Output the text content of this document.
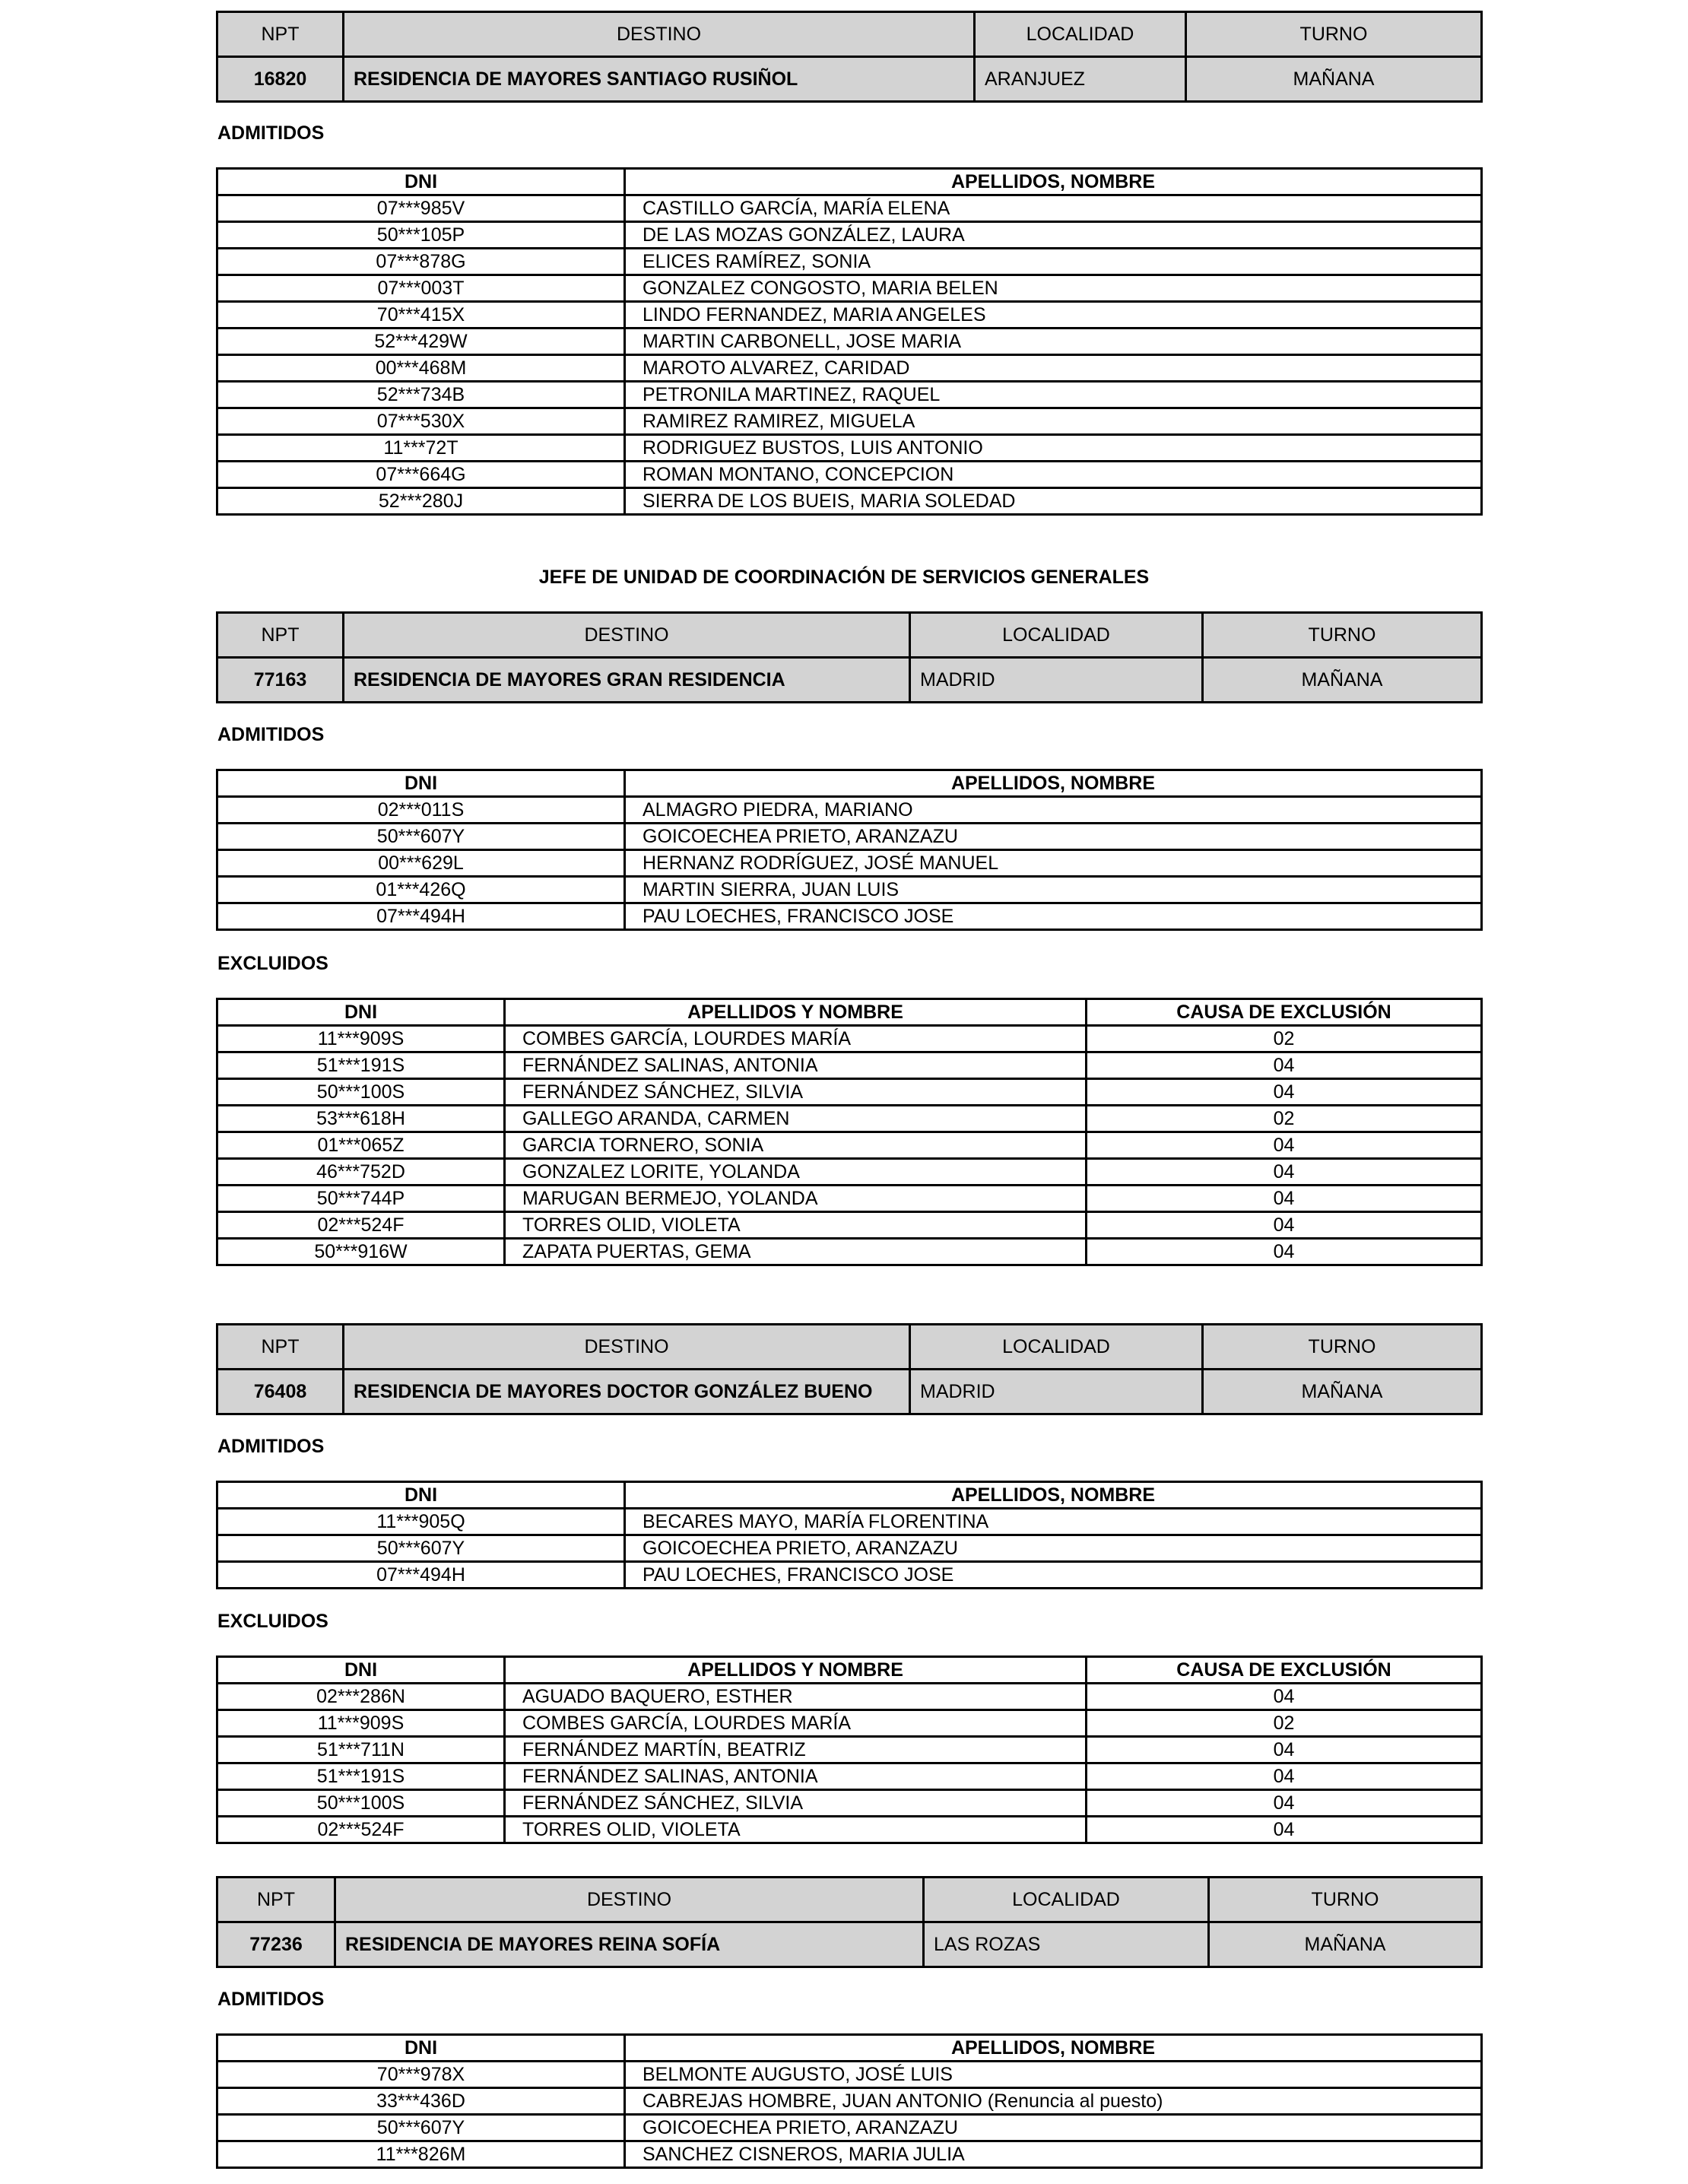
NPT	DESTINO	LOCALIDAD	TURNO
16820	RESIDENCIA DE MAYORES SANTIAGO RUSIÑOL	ARANJUEZ	MAÑANA
ADMITIDOS
DNI	APELLIDOS, NOMBRE
07***985V	CASTILLO GARCÍA, MARÍA ELENA
50***105P	DE LAS MOZAS GONZÁLEZ, LAURA
07***878G	ELICES RAMÍREZ, SONIA
07***003T	GONZALEZ CONGOSTO, MARIA BELEN
70***415X	LINDO FERNANDEZ, MARIA ANGELES
52***429W	MARTIN CARBONELL, JOSE MARIA
00***468M	MAROTO ALVAREZ, CARIDAD
52***734B	PETRONILA MARTINEZ, RAQUEL
07***530X	RAMIREZ RAMIREZ, MIGUELA
11***72T	RODRIGUEZ BUSTOS, LUIS ANTONIO
07***664G	ROMAN MONTANO, CONCEPCION
52***280J	SIERRA DE LOS BUEIS, MARIA SOLEDAD
JEFE DE UNIDAD DE COORDINACIÓN DE SERVICIOS GENERALES
NPT	DESTINO	LOCALIDAD	TURNO
77163	RESIDENCIA DE MAYORES GRAN RESIDENCIA	MADRID	MAÑANA
ADMITIDOS
DNI	APELLIDOS, NOMBRE
02***011S	ALMAGRO PIEDRA, MARIANO
50***607Y	GOICOECHEA PRIETO, ARANZAZU
00***629L	HERNANZ RODRÍGUEZ, JOSÉ MANUEL
01***426Q	MARTIN SIERRA, JUAN LUIS
07***494H	PAU LOECHES, FRANCISCO JOSE
EXCLUIDOS
DNI	APELLIDOS Y NOMBRE	CAUSA DE EXCLUSIÓN
11***909S	COMBES GARCÍA, LOURDES MARÍA	02
51***191S	FERNÁNDEZ SALINAS, ANTONIA	04
50***100S	FERNÁNDEZ SÁNCHEZ, SILVIA	04
53***618H	GALLEGO ARANDA, CARMEN	02
01***065Z	GARCIA TORNERO, SONIA	04
46***752D	GONZALEZ LORITE, YOLANDA	04
50***744P	MARUGAN BERMEJO, YOLANDA	04
02***524F	TORRES OLID, VIOLETA	04
50***916W	ZAPATA PUERTAS, GEMA	04
NPT	DESTINO	LOCALIDAD	TURNO
76408	RESIDENCIA DE MAYORES DOCTOR GONZÁLEZ BUENO	MADRID	MAÑANA
ADMITIDOS
DNI	APELLIDOS, NOMBRE
11***905Q	BECARES MAYO, MARÍA FLORENTINA
50***607Y	GOICOECHEA PRIETO, ARANZAZU
07***494H	PAU LOECHES, FRANCISCO JOSE
EXCLUIDOS
DNI	APELLIDOS Y NOMBRE	CAUSA DE EXCLUSIÓN
02***286N	AGUADO BAQUERO, ESTHER	04
11***909S	COMBES GARCÍA, LOURDES MARÍA	02
51***711N	FERNÁNDEZ MARTÍN, BEATRIZ	04
51***191S	FERNÁNDEZ SALINAS, ANTONIA	04
50***100S	FERNÁNDEZ SÁNCHEZ, SILVIA	04
02***524F	TORRES OLID, VIOLETA	04
NPT	DESTINO	LOCALIDAD	TURNO
77236	RESIDENCIA DE MAYORES REINA SOFÍA	LAS ROZAS	MAÑANA
ADMITIDOS
DNI	APELLIDOS, NOMBRE
70***978X	BELMONTE AUGUSTO, JOSÉ LUIS
33***436D	CABREJAS HOMBRE, JUAN ANTONIO (Renuncia al puesto)
50***607Y	GOICOECHEA PRIETO, ARANZAZU
11***826M	SANCHEZ CISNEROS, MARIA JULIA
